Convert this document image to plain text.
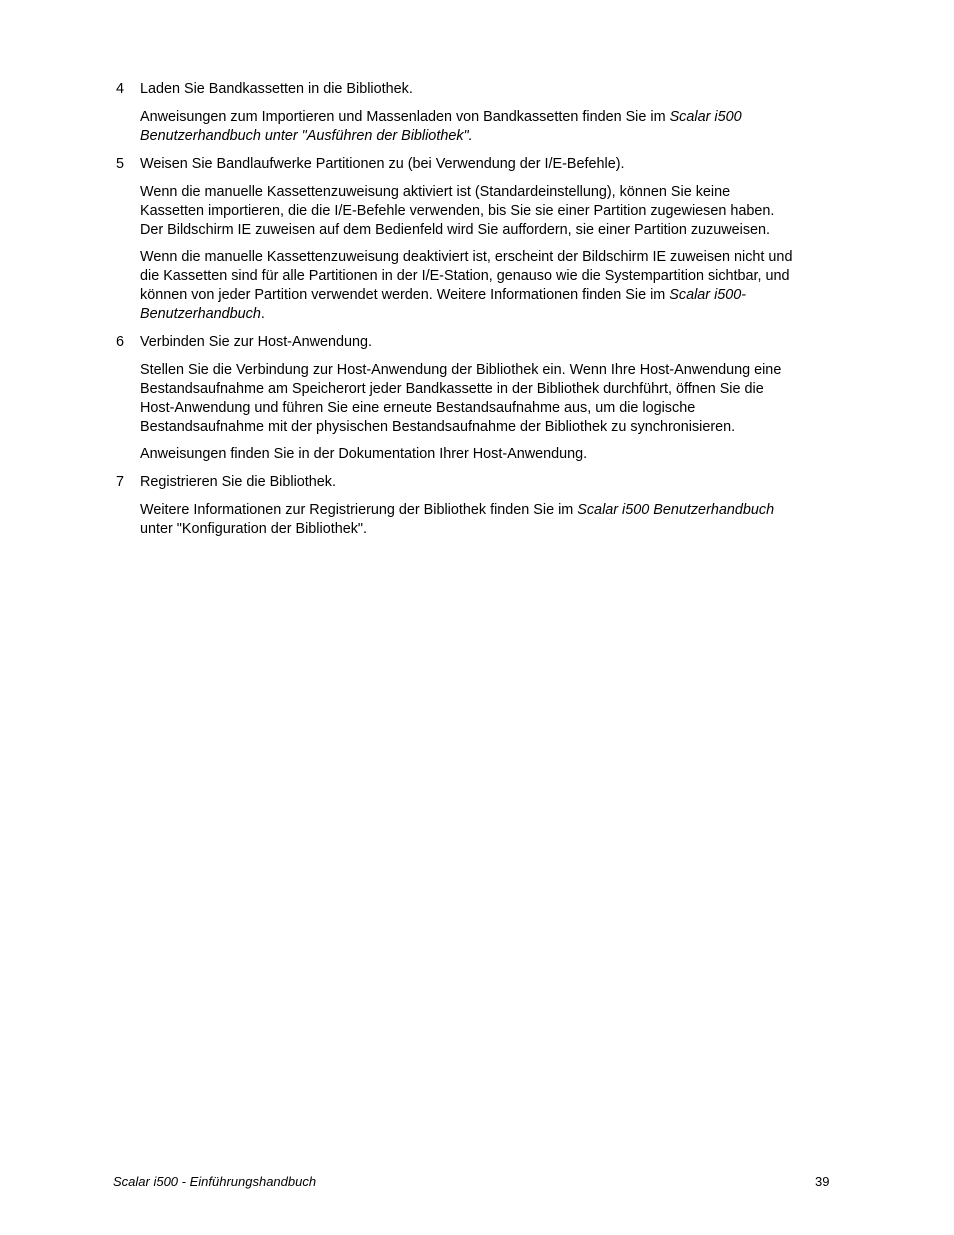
4 Laden Sie Bandkassetten in die Bibliothek.
Anweisungen zum Importieren und Massenladen von Bandkassetten finden Sie im Scalar i500
Benutzerhandbuch unter "Ausführen der Bibliothek".
5 Weisen Sie Bandlaufwerke Partitionen zu (bei Verwendung der I/E-Befehle).
Wenn die manuelle Kassettenzuweisung aktiviert ist (Standardeinstellung), können Sie keine
Kassetten importieren, die die I/E-Befehle verwenden, bis Sie sie einer Partition zugewiesen haben.
Der Bildschirm IE zuweisen auf dem Bedienfeld wird Sie auffordern, sie einer Partition zuzuweisen.
Wenn die manuelle Kassettenzuweisung deaktiviert ist, erscheint der Bildschirm IE zuweisen nicht und
die Kassetten sind für alle Partitionen in der I/E-Station, genauso wie die Systempartition sichtbar, und
können von jeder Partition verwendet werden. Weitere Informationen finden Sie im Scalar i500-
Benutzerhandbuch.
6 Verbinden Sie zur Host-Anwendung.
Stellen Sie die Verbindung zur Host-Anwendung der Bibliothek ein. Wenn Ihre Host-Anwendung eine
Bestandsaufnahme am Speicherort jeder Bandkassette in der Bibliothek durchführt, öffnen Sie die
Host-Anwendung und führen Sie eine erneute Bestandsaufnahme aus, um die logische
Bestandsaufnahme mit der physischen Bestandsaufnahme der Bibliothek zu synchronisieren.
Anweisungen finden Sie in der Dokumentation Ihrer Host-Anwendung.
7 Registrieren Sie die Bibliothek.
Weitere Informationen zur Registrierung der Bibliothek finden Sie im Scalar i500 Benutzerhandbuch
unter "Konfiguration der Bibliothek".
Scalar i500 - Einführungshandbuch	39
